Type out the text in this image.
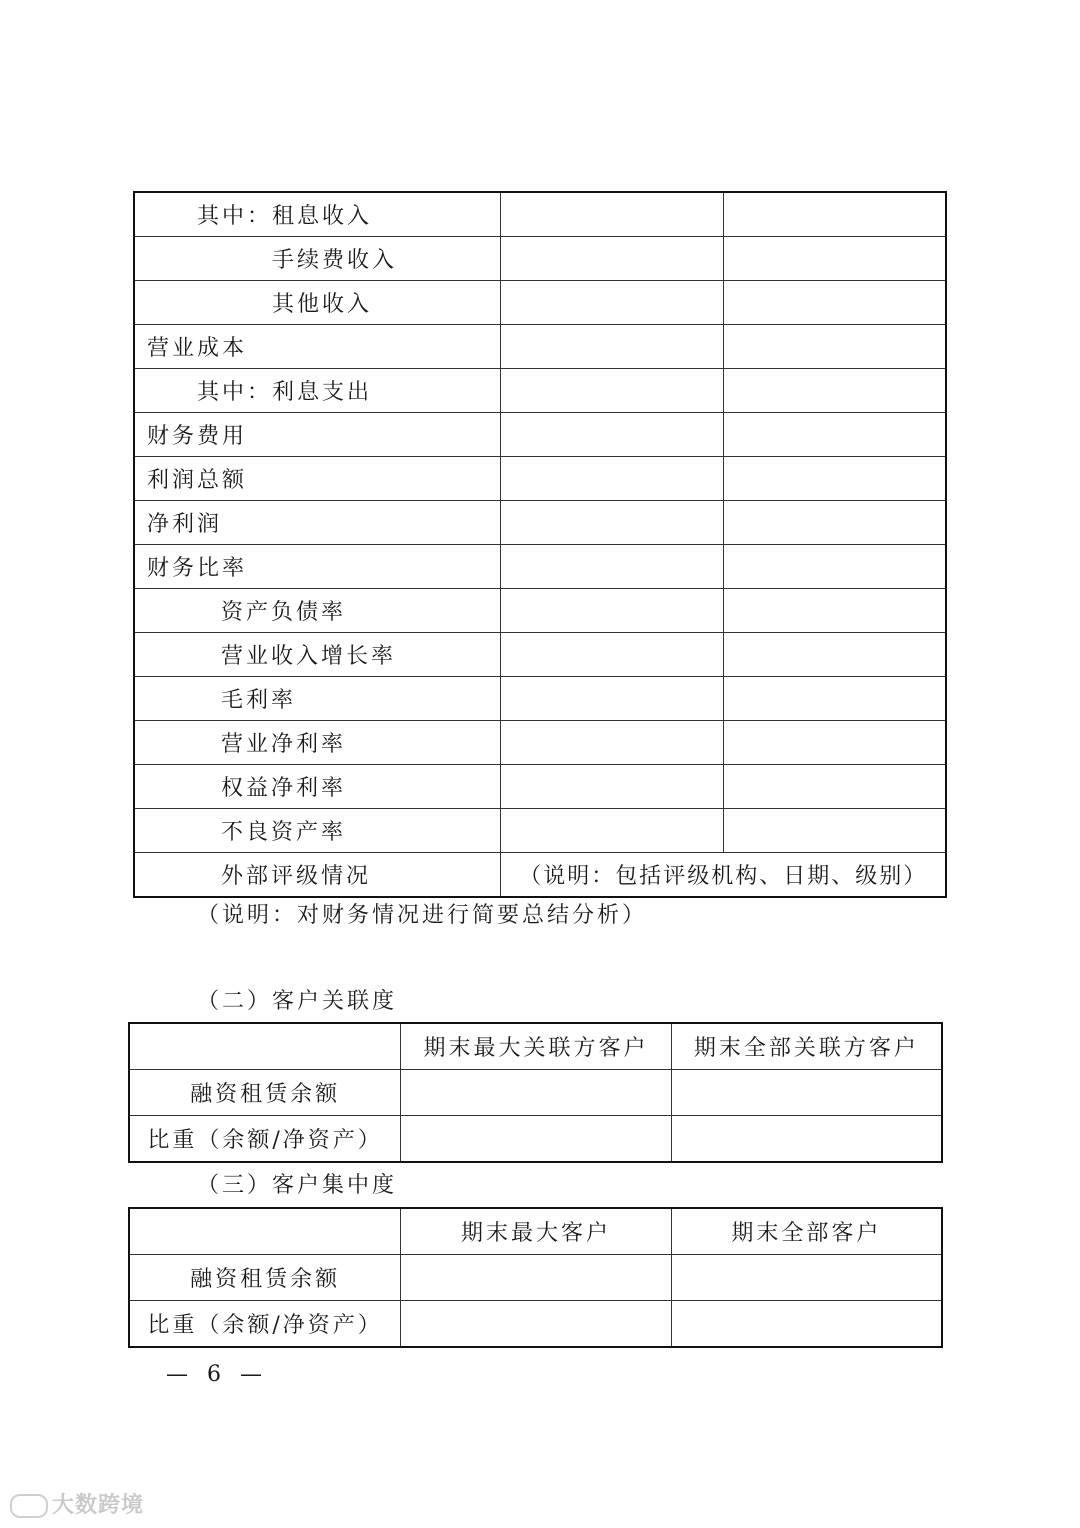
其中：租息收入		
手续费收入		
其他收入		
营业成本		
其中：利息支出		
财务费用		
利润总额		
净利润		
财务比率		
资产负债率		
营业收入增长率		
毛利率		
营业净利率		
权益净利率		
不良资产率		
外部评级情况	（说明：包括评级机构、日期、级别）	
（说明：对财务情况进行简要总结分析）
（二）客户关联度
	期末最大关联方客户	期末全部关联方客户
融资租赁余额		
比重（余额/净资产）		
（三）客户集中度
	期末最大客户	期末全部客户
融资租赁余额		
比重（余额/净资产）		
— 6 —
大数跨境
